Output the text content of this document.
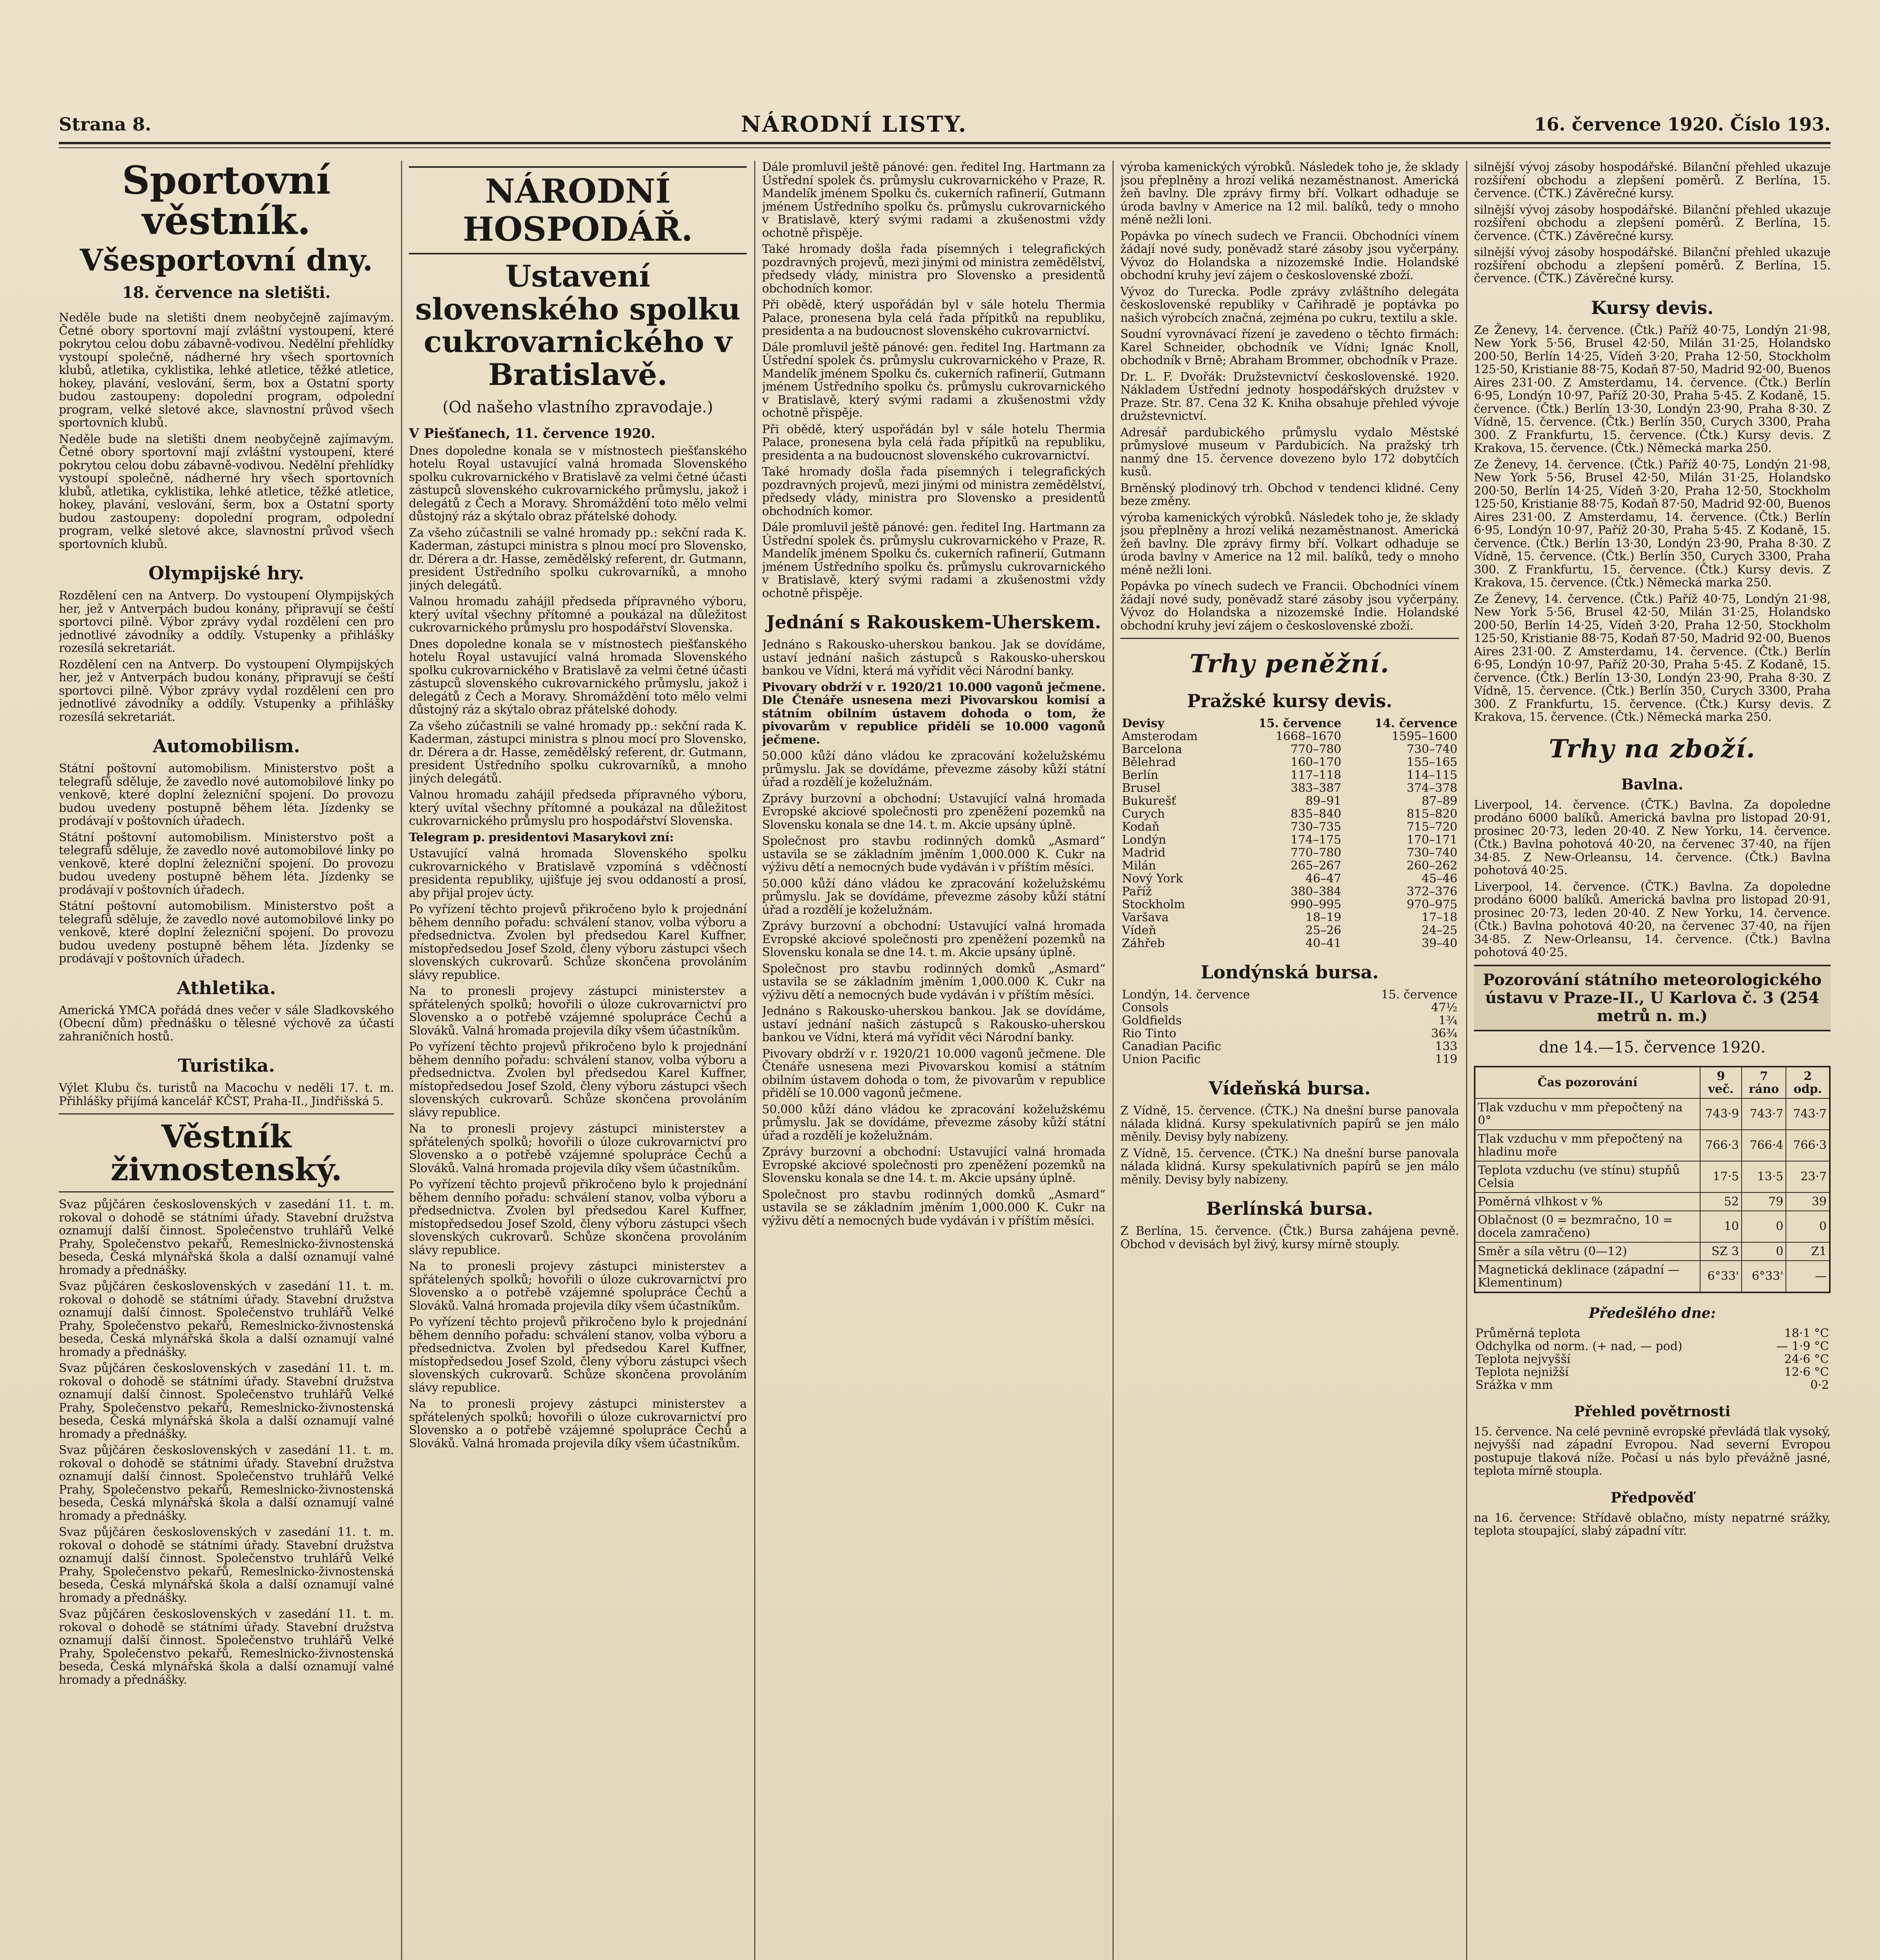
Strana 8.	NÁRODNÍ LISTY.	16. července 1920. Číslo 193.
Sportovní věstník.
Všesportovní dny.
18. července na sletišti.

Neděle bude na sletišti dnem neobyčejně zajímavým. Četné obory sportovní mají zvláštní vystoupení, které pokrytou celou dobu zábavně-vodivou. Nedělní přehlídky vystoupí společně, nádherné hry všech sportovních klubů, atletika, cyklistika, lehké atletice, těžké atletice, hokey, plavání, veslování, šerm, box a Ostatní sporty budou zastoupeny: dopolední program, odpolední program, velké sletové akce, slavnostní průvod všech sportovních klubů.

Neděle bude na sletišti dnem neobyčejně zajímavým. Četné obory sportovní mají zvláštní vystoupení, které pokrytou celou dobu zábavně-vodivou. Nedělní přehlídky vystoupí společně, nádherné hry všech sportovních klubů, atletika, cyklistika, lehké atletice, těžké atletice, hokey, plavání, veslování, šerm, box a Ostatní sporty budou zastoupeny: dopolední program, odpolední program, velké sletové akce, slavnostní průvod všech sportovních klubů.

Olympijské hry.

Rozdělení cen na Antverp. Do vystoupení Olympijských her, jež v Antverpách budou konány, připravují se čeští sportovci pilně. Výbor zprávy vydal rozdělení cen pro jednotlivé závodníky a oddíly. Vstupenky a přihlášky rozesílá sekretariát.

Rozdělení cen na Antverp. Do vystoupení Olympijských her, jež v Antverpách budou konány, připravují se čeští sportovci pilně. Výbor zprávy vydal rozdělení cen pro jednotlivé závodníky a oddíly. Vstupenky a přihlášky rozesílá sekretariát.

Automobilism.

Státní poštovní automobilism. Ministerstvo pošt a telegrafů sděluje, že zavedlo nové automobilové linky po venkově, které doplní železniční spojení. Do provozu budou uvedeny postupně během léta. Jízdenky se prodávají v poštovních úřadech.

Státní poštovní automobilism. Ministerstvo pošt a telegrafů sděluje, že zavedlo nové automobilové linky po venkově, které doplní železniční spojení. Do provozu budou uvedeny postupně během léta. Jízdenky se prodávají v poštovních úřadech.

Státní poštovní automobilism. Ministerstvo pošt a telegrafů sděluje, že zavedlo nové automobilové linky po venkově, které doplní železniční spojení. Do provozu budou uvedeny postupně během léta. Jízdenky se prodávají v poštovních úřadech.

Athletika.

Americká YMCA pořádá dnes večer v sále Sladkovského (Obecní dům) přednášku o tělesné výchově za účasti zahraničních hostů.

Turistika.

Výlet Klubu čs. turistů na Macochu v neděli 17. t. m. Přihlášky přijímá kancelář KČST, Praha-II., Jindřišská 5.

Věstník živnostenský.

Svaz půjčáren československých v zasedání 11. t. m. rokoval o dohodě se státními úřady. Stavební družstva oznamují další činnost. Společenstvo truhlářů Velké Prahy, Společenstvo pekařů, Remeslnicko-živnostenská beseda, Česká mlynářská škola a další oznamují valné hromady a přednášky.

Svaz půjčáren československých v zasedání 11. t. m. rokoval o dohodě se státními úřady. Stavební družstva oznamují další činnost. Společenstvo truhlářů Velké Prahy, Společenstvo pekařů, Remeslnicko-živnostenská beseda, Česká mlynářská škola a další oznamují valné hromady a přednášky.

Svaz půjčáren československých v zasedání 11. t. m. rokoval o dohodě se státními úřady. Stavební družstva oznamují další činnost. Společenstvo truhlářů Velké Prahy, Společenstvo pekařů, Remeslnicko-živnostenská beseda, Česká mlynářská škola a další oznamují valné hromady a přednášky.

Svaz půjčáren československých v zasedání 11. t. m. rokoval o dohodě se státními úřady. Stavební družstva oznamují další činnost. Společenstvo truhlářů Velké Prahy, Společenstvo pekařů, Remeslnicko-živnostenská beseda, Česká mlynářská škola a další oznamují valné hromady a přednášky.

Svaz půjčáren československých v zasedání 11. t. m. rokoval o dohodě se státními úřady. Stavební družstva oznamují další činnost. Společenstvo truhlářů Velké Prahy, Společenstvo pekařů, Remeslnicko-živnostenská beseda, Česká mlynářská škola a další oznamují valné hromady a přednášky.

Svaz půjčáren československých v zasedání 11. t. m. rokoval o dohodě se státními úřady. Stavební družstva oznamují další činnost. Společenstvo truhlářů Velké Prahy, Společenstvo pekařů, Remeslnicko-živnostenská beseda, Česká mlynářská škola a další oznamují valné hromady a přednášky.

NÁRODNÍ HOSPODÁŘ.
Ustavení slovenského spolku cukrovarnického v Bratislavě.
(Od našeho vlastního zpravodaje.)
V Piešťanech, 11. července 1920.

Dnes dopoledne konala se v místnostech piešťanského hotelu Royal ustavující valná hromada Slovenského spolku cukrovarnického v Bratislavě za velmi četné účasti zástupců slovenského cukrovarnického průmyslu, jakož i delegátů z Čech a Moravy. Shromáždění toto mělo velmi důstojný ráz a skýtalo obraz přátelské dohody.

Za všeho zúčastnili se valné hromady pp.: sekční rada K. Kaderman, zástupci ministra s plnou mocí pro Slovensko, dr. Dérera a dr. Hasse, zemědělský referent, dr. Gutmann, president Ústředního spolku cukrovarníků, a mnoho jiných delegátů.

Valnou hromadu zahájil předseda přípravného výboru, který uvítal všechny přítomné a poukázal na důležitost cukrovarnického průmyslu pro hospodářství Slovenska.

Dnes dopoledne konala se v místnostech piešťanského hotelu Royal ustavující valná hromada Slovenského spolku cukrovarnického v Bratislavě za velmi četné účasti zástupců slovenského cukrovarnického průmyslu, jakož i delegátů z Čech a Moravy. Shromáždění toto mělo velmi důstojný ráz a skýtalo obraz přátelské dohody.

Za všeho zúčastnili se valné hromady pp.: sekční rada K. Kaderman, zástupci ministra s plnou mocí pro Slovensko, dr. Dérera a dr. Hasse, zemědělský referent, dr. Gutmann, president Ústředního spolku cukrovarníků, a mnoho jiných delegátů.

Valnou hromadu zahájil předseda přípravného výboru, který uvítal všechny přítomné a poukázal na důležitost cukrovarnického průmyslu pro hospodářství Slovenska.

Telegram p. presidentovi Masarykovi zní:

Ustavující valná hromada Slovenského spolku cukrovarnického v Bratislavě vzpomíná s vděčností presidenta republiky, ujišťuje jej svou oddaností a prosí, aby přijal projev úcty.

Po vyřízení těchto projevů přikročeno bylo k projednání během denního pořadu: schválení stanov, volba výboru a předsednictva. Zvolen byl předsedou Karel Kuffner, místopředsedou Josef Szold, členy výboru zástupci všech slovenských cukrovarů. Schůze skončena provoláním slávy republice.

Na to pronesli projevy zástupci ministerstev a spřátelených spolků; hovořili o úloze cukrovarnictví pro Slovensko a o potřebě vzájemné spolupráce Čechů a Slováků. Valná hromada projevila díky všem účastníkům.

Po vyřízení těchto projevů přikročeno bylo k projednání během denního pořadu: schválení stanov, volba výboru a předsednictva. Zvolen byl předsedou Karel Kuffner, místopředsedou Josef Szold, členy výboru zástupci všech slovenských cukrovarů. Schůze skončena provoláním slávy republice.

Na to pronesli projevy zástupci ministerstev a spřátelených spolků; hovořili o úloze cukrovarnictví pro Slovensko a o potřebě vzájemné spolupráce Čechů a Slováků. Valná hromada projevila díky všem účastníkům.

Po vyřízení těchto projevů přikročeno bylo k projednání během denního pořadu: schválení stanov, volba výboru a předsednictva. Zvolen byl předsedou Karel Kuffner, místopředsedou Josef Szold, členy výboru zástupci všech slovenských cukrovarů. Schůze skončena provoláním slávy republice.

Na to pronesli projevy zástupci ministerstev a spřátelených spolků; hovořili o úloze cukrovarnictví pro Slovensko a o potřebě vzájemné spolupráce Čechů a Slováků. Valná hromada projevila díky všem účastníkům.

Po vyřízení těchto projevů přikročeno bylo k projednání během denního pořadu: schválení stanov, volba výboru a předsednictva. Zvolen byl předsedou Karel Kuffner, místopředsedou Josef Szold, členy výboru zástupci všech slovenských cukrovarů. Schůze skončena provoláním slávy republice.

Na to pronesli projevy zástupci ministerstev a spřátelených spolků; hovořili o úloze cukrovarnictví pro Slovensko a o potřebě vzájemné spolupráce Čechů a Slováků. Valná hromada projevila díky všem účastníkům.

Dále promluvil ještě pánové: gen. ředitel Ing. Hartmann za Ústřední spolek čs. průmyslu cukrovarnického v Praze, R. Mandelík jménem Spolku čs. cukerních rafinerií, Gutmann jménem Ústředního spolku čs. průmyslu cukrovarnického v Bratislavě, který svými radami a zkušenostmi vždy ochotně přispěje.

Také hromady došla řada písemných i telegrafických pozdravných projevů, mezi jinými od ministra zemědělství, předsedy vlády, ministra pro Slovensko a presidentů obchodních komor.

Při obědě, který uspořádán byl v sále hotelu Thermia Palace, pronesena byla celá řada přípitků na republiku, presidenta a na budoucnost slovenského cukrovarnictví.

Dále promluvil ještě pánové: gen. ředitel Ing. Hartmann za Ústřední spolek čs. průmyslu cukrovarnického v Praze, R. Mandelík jménem Spolku čs. cukerních rafinerií, Gutmann jménem Ústředního spolku čs. průmyslu cukrovarnického v Bratislavě, který svými radami a zkušenostmi vždy ochotně přispěje.

Při obědě, který uspořádán byl v sále hotelu Thermia Palace, pronesena byla celá řada přípitků na republiku, presidenta a na budoucnost slovenského cukrovarnictví.

Také hromady došla řada písemných i telegrafických pozdravných projevů, mezi jinými od ministra zemědělství, předsedy vlády, ministra pro Slovensko a presidentů obchodních komor.

Dále promluvil ještě pánové: gen. ředitel Ing. Hartmann za Ústřední spolek čs. průmyslu cukrovarnického v Praze, R. Mandelík jménem Spolku čs. cukerních rafinerií, Gutmann jménem Ústředního spolku čs. průmyslu cukrovarnického v Bratislavě, který svými radami a zkušenostmi vždy ochotně přispěje.

Jednání s Rakouskem-Uherskem.

Jednáno s Rakousko-uherskou bankou. Jak se dovídáme, ustaví jednání našich zástupců s Rakousko-uherskou bankou ve Vídni, která má vyřídit věci Národní banky.

Pivovary obdrží v r. 1920/21 10.000 vagonů ječmene. Dle Čtenáře usnesena mezi Pivovarskou komisí a státním obilním ústavem dohoda o tom, že pivovarům v republice přidělí se 10.000 vagonů ječmene.

50.000 kůží dáno vládou ke zpracování koželužskému průmyslu. Jak se dovídáme, převezme zásoby kůží státní úřad a rozdělí je koželužnám.

Zprávy burzovní a obchodní: Ustavující valná hromada Evropské akciové společnosti pro zpeněžení pozemků na Slovensku konala se dne 14. t. m. Akcie upsány úplně.

Společnost pro stavbu rodinných domků „Asmard“ ustavila se se základním jměním 1,000.000 K. Cukr na výživu dětí a nemocných bude vydáván i v příštím měsíci.

50.000 kůží dáno vládou ke zpracování koželužskému průmyslu. Jak se dovídáme, převezme zásoby kůží státní úřad a rozdělí je koželužnám.

Zprávy burzovní a obchodní: Ustavující valná hromada Evropské akciové společnosti pro zpeněžení pozemků na Slovensku konala se dne 14. t. m. Akcie upsány úplně.

Společnost pro stavbu rodinných domků „Asmard“ ustavila se se základním jměním 1,000.000 K. Cukr na výživu dětí a nemocných bude vydáván i v příštím měsíci.

Jednáno s Rakousko-uherskou bankou. Jak se dovídáme, ustaví jednání našich zástupců s Rakousko-uherskou bankou ve Vídni, která má vyřídit věci Národní banky.

Pivovary obdrží v r. 1920/21 10.000 vagonů ječmene. Dle Čtenáře usnesena mezi Pivovarskou komisí a státním obilním ústavem dohoda o tom, že pivovarům v republice přidělí se 10.000 vagonů ječmene.

50.000 kůží dáno vládou ke zpracování koželužskému průmyslu. Jak se dovídáme, převezme zásoby kůží státní úřad a rozdělí je koželužnám.

Zprávy burzovní a obchodní: Ustavující valná hromada Evropské akciové společnosti pro zpeněžení pozemků na Slovensku konala se dne 14. t. m. Akcie upsány úplně.

Společnost pro stavbu rodinných domků „Asmard“ ustavila se se základním jměním 1,000.000 K. Cukr na výživu dětí a nemocných bude vydáván i v příštím měsíci.

výroba kamenických výrobků. Následek toho je, že sklady jsou přeplněny a hrozí veliká nezaměstnanost. Americká žeň bavlny. Dle zprávy firmy bří. Volkart odhaduje se úroda bavlny v Americe na 12 mil. balíků, tedy o mnoho méně nežli loni.

Popávka po vínech sudech ve Francii. Obchodníci vínem žádají nové sudy, poněvadž staré zásoby jsou vyčerpány. Vývoz do Holandska a nizozemské Indie. Holandské obchodní kruhy jeví zájem o československé zboží.

Vývoz do Turecka. Podle zprávy zvláštního delegáta československé republiky v Cařihradě je poptávka po našich výrobcích značná, zejména po cukru, textilu a skle.

Soudní vyrovnávací řízení je zavedeno o těchto firmách: Karel Schneider, obchodník ve Vídni; Ignác Knoll, obchodník v Brně; Abraham Brommer, obchodník v Praze.

Dr. L. F. Dvořák: Družstevnictví československé. 1920. Nákladem Ústřední jednoty hospodářských družstev v Praze. Str. 87. Cena 32 K. Kniha obsahuje přehled vývoje družstevnictví.

Adresář pardubického průmyslu vydalo Městské průmyslové museum v Pardubicích. Na pražský trh nanmý dne 15. července dovezeno bylo 172 dobytčích kusů.

Brněnský plodinový trh. Obchod v tendenci klidné. Ceny beze změny.

výroba kamenických výrobků. Následek toho je, že sklady jsou přeplněny a hrozí veliká nezaměstnanost. Americká žeň bavlny. Dle zprávy firmy bří. Volkart odhaduje se úroda bavlny v Americe na 12 mil. balíků, tedy o mnoho méně nežli loni.

Popávka po vínech sudech ve Francii. Obchodníci vínem žádají nové sudy, poněvadž staré zásoby jsou vyčerpány. Vývoz do Holandska a nizozemské Indie. Holandské obchodní kruhy jeví zájem o československé zboží.

Trhy peněžní.
Pražské kursy devis.
Devisy	15. července	14. července
Amsterodam	1668–1670	1595–1600
Barcelona	770–780	730–740
Bělehrad	160–170	155–165
Berlín	117–118	114–115
Brusel	383–387	374–378
Bukurešť	89–91	87–89
Curych	835–840	815–820
Kodaň	730–735	715–720
Londýn	174–175	170–171
Madrid	770–780	730–740
Milán	265–267	260–262
Nový York	46–47	45–46
Paříž	380–384	372–376
Stockholm	990–995	970–975
Varšava	18–19	17–18
Vídeň	25–26	24–25
Záhřeb	40–41	39–40
Londýnská bursa.
Londýn, 14. července	15. července
Consols	47½
Goldfields	1¾
Rio Tinto	36¾
Canadian Pacific	133
Union Pacific	119
Vídeňská bursa.

Z Vídně, 15. července. (ČTK.) Na dnešní burse panovala nálada klidná. Kursy spekulativních papírů se jen málo měnily. Devisy byly nabízeny.

Z Vídně, 15. července. (ČTK.) Na dnešní burse panovala nálada klidná. Kursy spekulativních papírů se jen málo měnily. Devisy byly nabízeny.

Berlínská bursa.

Z Berlína, 15. července. (Čtk.) Bursa zahájena pevně. Obchod v devisách byl živý, kursy mírně stouply.

silnější vývoj zásoby hospodářské. Bilanční přehled ukazuje rozšíření obchodu a zlepšení poměrů. Z Berlína, 15. července. (ČTK.) Závěrečné kursy.

silnější vývoj zásoby hospodářské. Bilanční přehled ukazuje rozšíření obchodu a zlepšení poměrů. Z Berlína, 15. července. (ČTK.) Závěrečné kursy.

silnější vývoj zásoby hospodářské. Bilanční přehled ukazuje rozšíření obchodu a zlepšení poměrů. Z Berlína, 15. července. (ČTK.) Závěrečné kursy.

Kursy devis.

Ze Ženevy, 14. července. (Čtk.) Paříž 40·75, Londýn 21·98, New York 5·56, Brusel 42·50, Milán 31·25, Holandsko 200·50, Berlín 14·25, Vídeň 3·20, Praha 12·50, Stockholm 125·50, Kristianie 88·75, Kodaň 87·50, Madrid 92·00, Buenos Aires 231·00. Z Amsterdamu, 14. července. (Čtk.) Berlín 6·95, Londýn 10·97, Paříž 20·30, Praha 5·45. Z Kodaně, 15. července. (Čtk.) Berlín 13·30, Londýn 23·90, Praha 8·30. Z Vídně, 15. července. (Čtk.) Berlín 350, Curych 3300, Praha 300. Z Frankfurtu, 15. července. (Čtk.) Kursy devis. Z Krakova, 15. července. (Čtk.) Německá marka 250.

Ze Ženevy, 14. července. (Čtk.) Paříž 40·75, Londýn 21·98, New York 5·56, Brusel 42·50, Milán 31·25, Holandsko 200·50, Berlín 14·25, Vídeň 3·20, Praha 12·50, Stockholm 125·50, Kristianie 88·75, Kodaň 87·50, Madrid 92·00, Buenos Aires 231·00. Z Amsterdamu, 14. července. (Čtk.) Berlín 6·95, Londýn 10·97, Paříž 20·30, Praha 5·45. Z Kodaně, 15. července. (Čtk.) Berlín 13·30, Londýn 23·90, Praha 8·30. Z Vídně, 15. července. (Čtk.) Berlín 350, Curych 3300, Praha 300. Z Frankfurtu, 15. července. (Čtk.) Kursy devis. Z Krakova, 15. července. (Čtk.) Německá marka 250.

Ze Ženevy, 14. července. (Čtk.) Paříž 40·75, Londýn 21·98, New York 5·56, Brusel 42·50, Milán 31·25, Holandsko 200·50, Berlín 14·25, Vídeň 3·20, Praha 12·50, Stockholm 125·50, Kristianie 88·75, Kodaň 87·50, Madrid 92·00, Buenos Aires 231·00. Z Amsterdamu, 14. července. (Čtk.) Berlín 6·95, Londýn 10·97, Paříž 20·30, Praha 5·45. Z Kodaně, 15. července. (Čtk.) Berlín 13·30, Londýn 23·90, Praha 8·30. Z Vídně, 15. července. (Čtk.) Berlín 350, Curych 3300, Praha 300. Z Frankfurtu, 15. července. (Čtk.) Kursy devis. Z Krakova, 15. července. (Čtk.) Německá marka 250.

Trhy na zboží.
Bavlna.

Liverpool, 14. července. (ČTK.) Bavlna. Za dopoledne prodáno 6000 balíků. Americká bavlna pro listopad 20·91, prosinec 20·73, leden 20·40. Z New Yorku, 14. července. (Čtk.) Bavlna pohotová 40·20, na červenec 37·40, na říjen 34·85. Z New-Orleansu, 14. července. (Čtk.) Bavlna pohotová 40·25.

Liverpool, 14. července. (ČTK.) Bavlna. Za dopoledne prodáno 6000 balíků. Americká bavlna pro listopad 20·91, prosinec 20·73, leden 20·40. Z New Yorku, 14. července. (Čtk.) Bavlna pohotová 40·20, na červenec 37·40, na říjen 34·85. Z New-Orleansu, 14. července. (Čtk.) Bavlna pohotová 40·25.

Pozorování státního meteorologického ústavu v Praze-II., U Karlova č. 3 (254 metrů n. m.)
dne 14.—15. července 1920.
Čas pozorování	9 več.	7 ráno	2 odp.
Tlak vzduchu v mm přepočtený na 0°	743·9	743·7	743·7
Tlak vzduchu v mm přepočtený na hladinu moře	766·3	766·4	766·3
Teplota vzduchu (ve stínu) stupňů Celsia	17·5	13·5	23·7
Poměrná vlhkost v %	52	79	39
Oblačnost (0 = bezmračno, 10 = docela zamračeno)	10	0	0
Směr a síla větru (0—12)	SZ 3	0	Z1
Magnetická deklinace (západní — Klementinum)	6°33'	6°33'	—
Předešlého dne:
Průměrná teplota	18·1 °C
Odchylka od norm. (+ nad, — pod)	— 1·9 °C
Teplota nejvyšší	24·6 °C
Teplota nejnižší	12·6 °C
Srážka v mm	0·2
Přehled povětrnosti

15. července. Na celé pevnině evropské převládá tlak vysoký, nejvyšší nad západní Evropou. Nad severní Evropou postupuje tlaková níže. Počasí u nás bylo převážně jasné, teplota mírně stoupla.

Předpověď

na 16. července: Střídavě oblačno, místy nepatrné srážky, teplota stoupající, slabý západní vítr.
